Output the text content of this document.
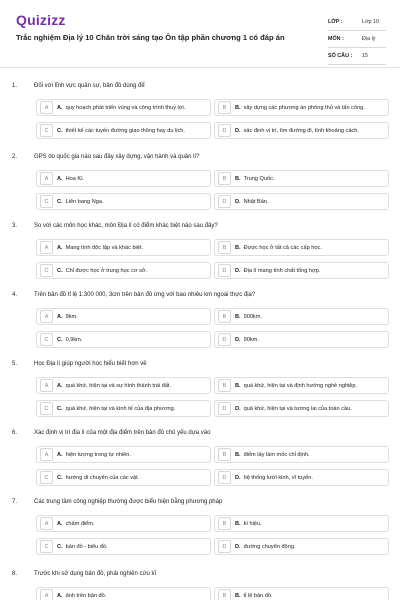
Quizizz
Trắc nghiệm Địa lý 10 Chân trời sáng tạo Ôn tập phần chương 1 có đáp án
LỚP :	Lớp 10
MÔN :	Địa lý
SỐ CÂU :	15
1.	Đối với lĩnh vực quân sự, bản đồ dùng để
A	A. quy hoạch phát triển vùng và công trình thuỷ lợi.	B	B. xây dựng các phương án phòng thủ và tấn công.
C	C. thiết kế các tuyến đường giao thông hay du lịch.	D	D. xác định vị trí, tìm đường đi, tính khoảng cách.
2.	GPS do quốc gia nào sau đây xây dựng, vận hành và quản lí?
A	A. Hoa Kì.	B	B. Trung Quốc.
C	C. Liên bang Nga.	D	D. Nhật Bản.
3.	So với các môn học khác, môn Địa lí có điểm khác biệt nào sau đây?
A	A. Mang tính độc lập và khác biệt.	B	B. Được học ở tất cả các cấp học.
C	C. Chỉ được học ở trung học cơ sở.	D	D. Địa lí mang tính chất tổng hợp.
4.	Trên bản đồ tỉ lệ 1:300 000, 3cm trên bản đồ ứng với bao nhiêu km ngoài thực địa?
A	A. 9km.	B	B. 900km.
C	C. 0,9km.	D	D. 90km.
5.	Học Địa lí giúp người học hiểu biết hơn về
A	A. quá khứ, hiện tại và sự hình thành trái đất.	B	B. quá khứ, hiện tại và định hướng nghề nghiệp.
C	C. quá khứ, hiện tại và kinh tế của địa phương.	D	D. quá khứ, hiện tại và tương lai của toàn cầu.
6.	Xác định vị trí địa lí của một địa điểm trên bản đồ chủ yếu dựa vào
A	A. hiện tượng trong tự nhiên.	B	B. điểm lấy làm mốc chỉ định.
C	C. hướng di chuyển của các vật.	D	D. hệ thống lưới kinh, vĩ tuyến.
7.	Các trung tâm công nghiệp thường được biểu hiện bằng phương pháp
A	A. chấm điểm.	B	B. kí hiệu.
C	C. bản đồ - biểu đồ.	D	D. đường chuyển động.
8.	Trước khi sử dụng bản đồ, phải nghiên cứu kĩ
A	A. ảnh trên bản đồ.	B	B. tỉ lệ bản đồ.
